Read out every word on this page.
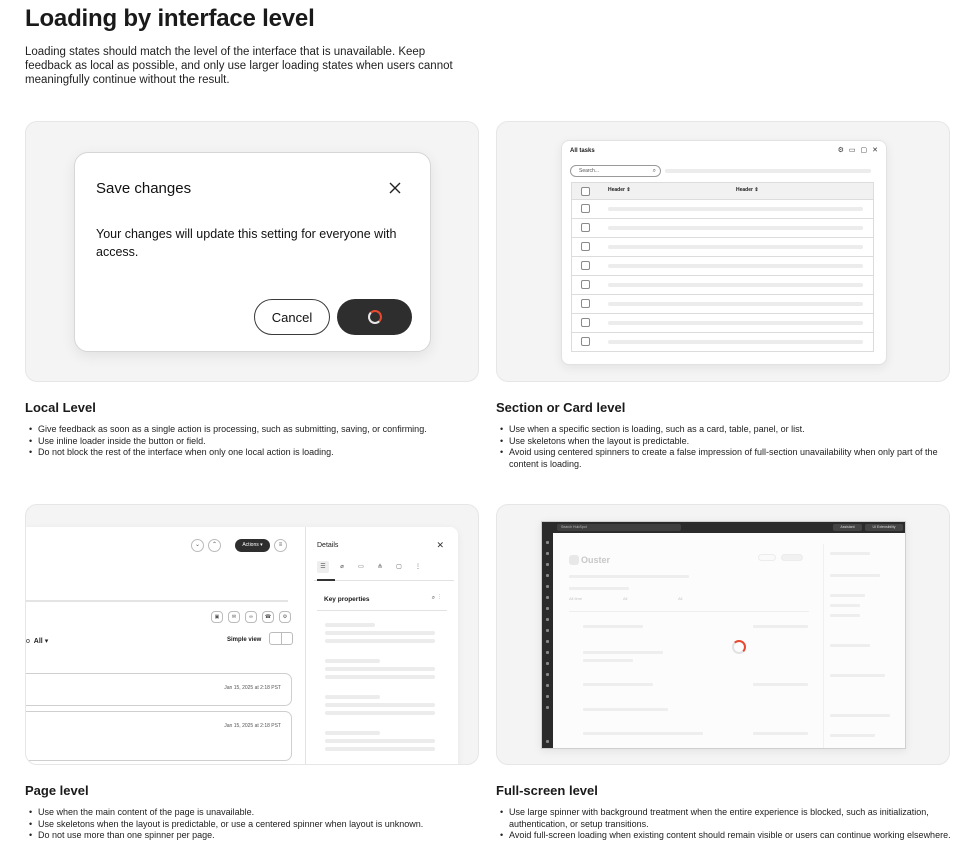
Loading by interface level

Loading states should match the level of the interface that is unavailable. Keep feedback as local as possible, and only use larger loading states when users cannot meaningfully continue without the result.

Save changes
Your changes will update this setting for everyone with access.
Cancel
Local Level
• Give feedback as soon as a single action is processing, such as submitting, saving, or confirming.
• Use inline loader inside the button or field.
• Do not block the rest of the interface when only one local action is loading.
All tasks	⚙ ▭ ▢ ✕
Search...	⌕
Header ⇕	Header ⇕
Section or Card level
• Use when a specific section is loading, such as a card, table, panel, or list.
• Use skeletons when the layout is predictable.
• Avoid using centered spinners to create a false impression of full-section unavailability when only part of the content is loading.
⌄	⌃	Actions ▾	≡
▣	✉	∞	☎	⚙
o All ▾	Simple view
Jan 15, 2025 at 2:18 PST
Jan 15, 2025 at 2:18 PST
Details	✕
☰	⌀	▭	⋔	▢	⋮
Key properties	⌕  ⋮
Page level
• Use when the main content of the page is unavailable.
• Use skeletons when the layout is predictable, or use a centered spinner when layout is unknown.
• Do not use more than one spinner per page.
Search HubSpot	Assistant	UI Extensibility
Ouster
All time	All	All
Full-screen level
• Use large spinner with background treatment when the entire experience is blocked, such as initialization, authentication, or setup transitions.
• Avoid full-screen loading when existing content should remain visible or users can continue working elsewhere.
